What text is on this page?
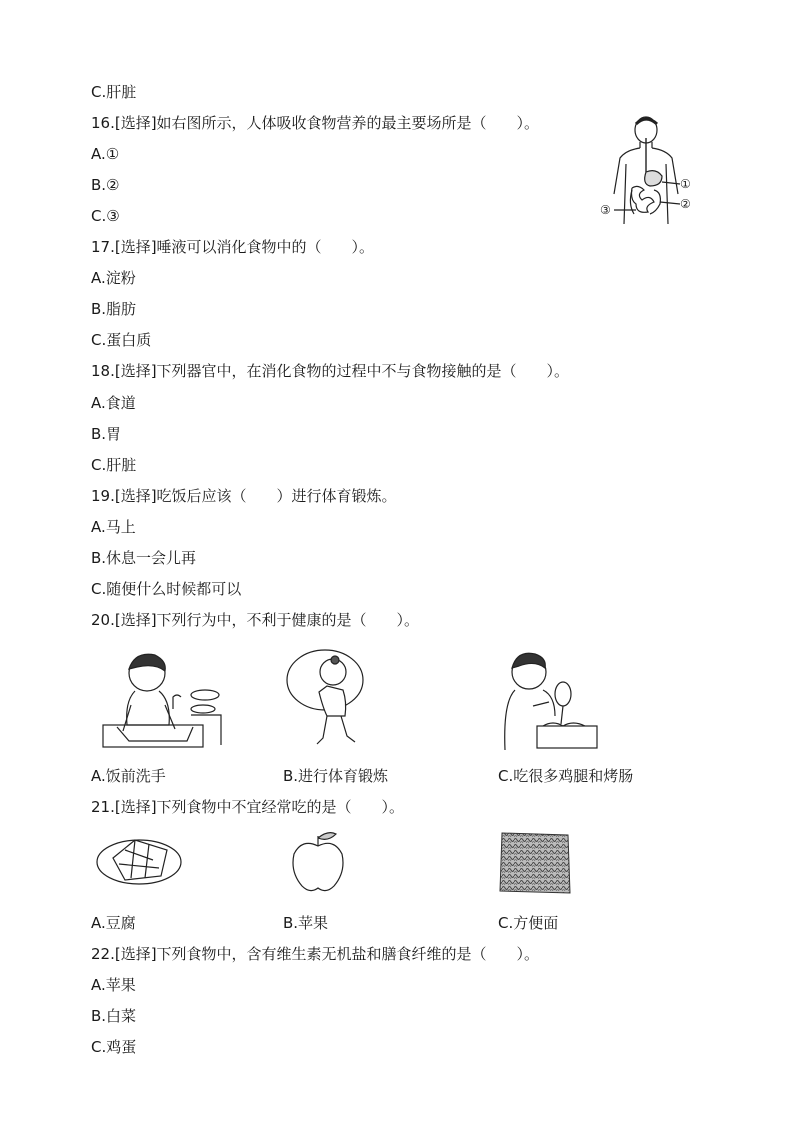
C.肝脏
16.[选择]如右图所示，人体吸收食物营养的最主要场所是（　　）。
A.①
B.②
C.③
17.[选择]唾液可以消化食物中的（　　）。
A.淀粉
B.脂肪
C.蛋白质
18.[选择]下列器官中，在消化食物的过程中不与食物接触的是（　　）。
A.食道
B.胃
C.肝脏
19.[选择]吃饭后应该（　　）进行体育锻炼。
A.马上
B.休息一会儿再
C.随便什么时候都可以
20.[选择]下列行为中，不利于健康的是（　　）。
A.饭前洗手	B.进行体育锻炼	C.吃很多鸡腿和烤肠
21.[选择]下列食物中不宜经常吃的是（　　）。
A.豆腐	B.苹果	C.方便面
22.[选择]下列食物中，含有维生素无机盐和膳食纤维的是（　　）。
A.苹果
B.白菜
C.鸡蛋
①
②
③
